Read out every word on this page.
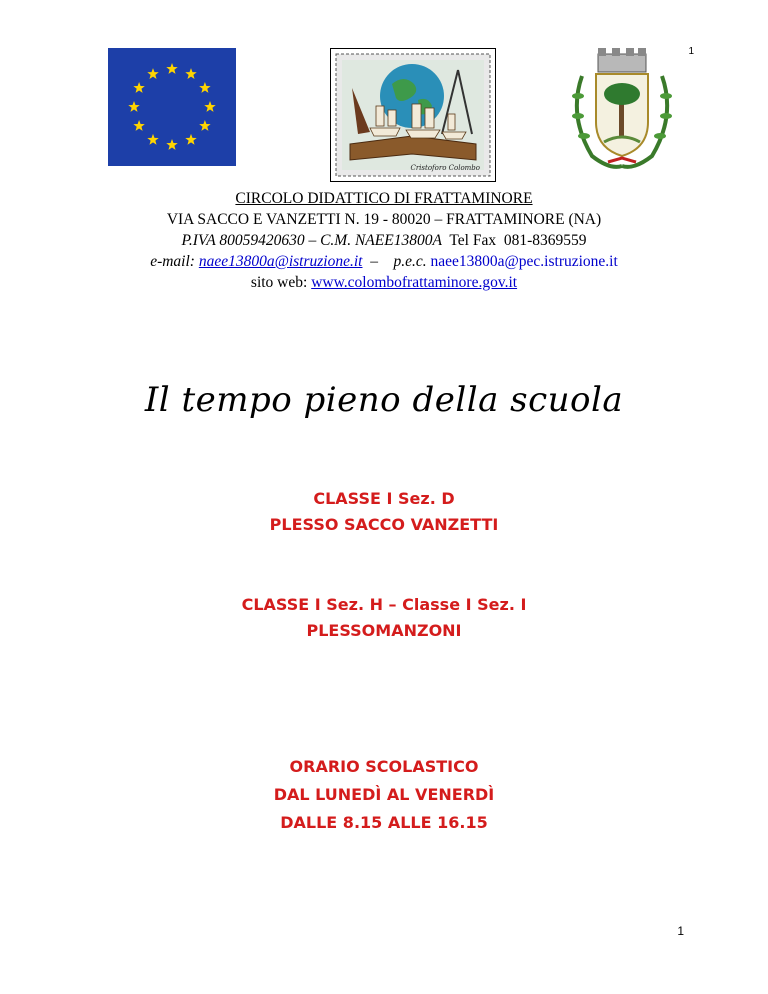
1
Cristoforo Colombo
CIRCOLO DIDATTICO DI FRATTAMINORE
VIA SACCO E VANZETTI N. 19 - 80020 – FRATTAMINORE (NA)
P.IVA 80059420630 – C.M. NAEE13800A  Tel Fax  081-8369559
e-mail: naee13800a@istruzione.it  –    p.e.c. naee13800a@pec.istruzione.it
sito web: www.colombofrattaminore.gov.it
Il tempo pieno della scuola
CLASSE I Sez. D
PLESSO SACCO VANZETTI
CLASSE I Sez. H – Classe I Sez. I
PLESSOMANZONI
ORARIO SCOLASTICO
DAL LUNEDÌ AL VENERDÌ
DALLE 8.15 ALLE 16.15
1
